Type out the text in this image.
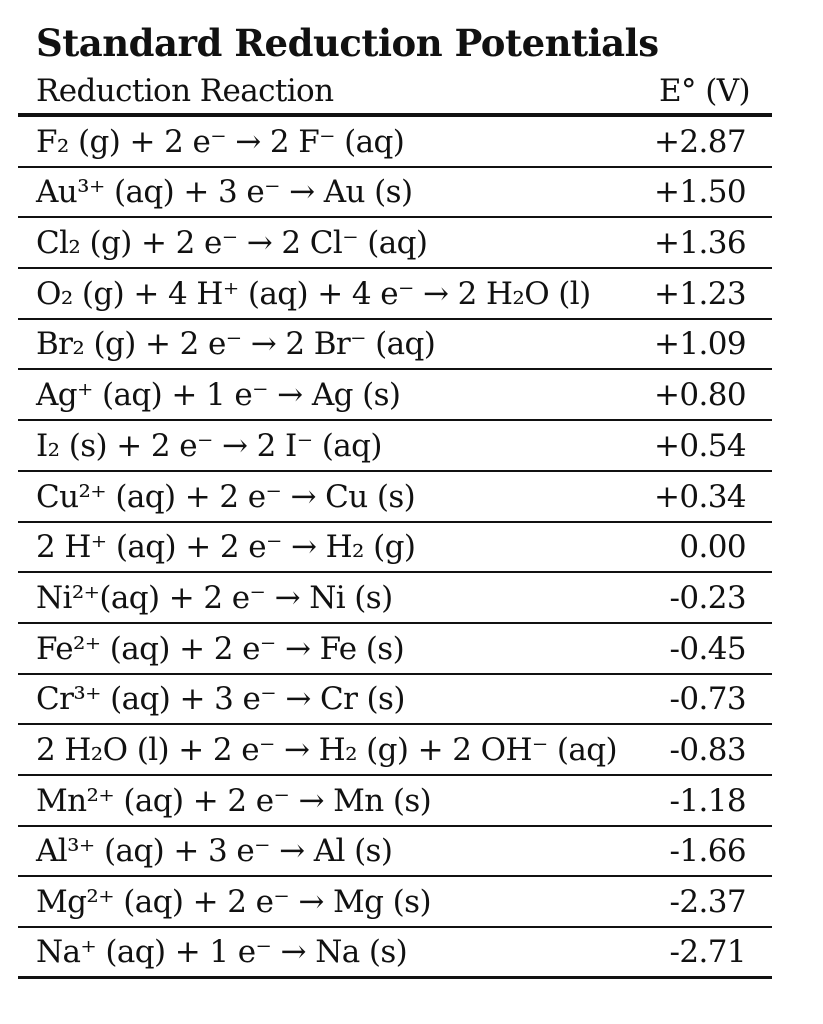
Standard Reduction Potentials
Reduction Reaction	E° (V)
F₂ (g) + 2 e⁻ → 2 F⁻ (aq)	+2.87
Au³⁺ (aq) + 3 e⁻ → Au (s)	+1.50
Cl₂ (g) + 2 e⁻ → 2 Cl⁻ (aq)	+1.36
O₂ (g) + 4 H⁺ (aq) + 4 e⁻ → 2 H₂O (l) +1.23
Br₂ (g) + 2 e⁻ → 2 Br⁻ (aq)	+1.09
Ag⁺ (aq) + 1 e⁻ → Ag (s)	+0.80
I₂ (s) + 2 e⁻ → 2 I⁻ (aq)	+0.54
Cu²⁺ (aq) + 2 e⁻ → Cu (s)	+0.34
2 H⁺ (aq) + 2 e⁻ → H₂ (g)	0.00
Ni²⁺(aq) + 2 e⁻ → Ni (s)	-0.23
Fe²⁺ (aq) + 2 e⁻ → Fe (s)	-0.45
Cr³⁺ (aq) + 3 e⁻ → Cr (s)	-0.73
2 H₂O (l) + 2 e⁻ → H₂ (g) + 2 OH⁻ (aq) -0.83
Mn²⁺ (aq) + 2 e⁻ → Mn (s)	-1.18
Al³⁺ (aq) + 3 e⁻ → Al (s)	-1.66
Mg²⁺ (aq) + 2 e⁻ → Mg (s)	-2.37
Na⁺ (aq) + 1 e⁻ → Na (s)	-2.71
